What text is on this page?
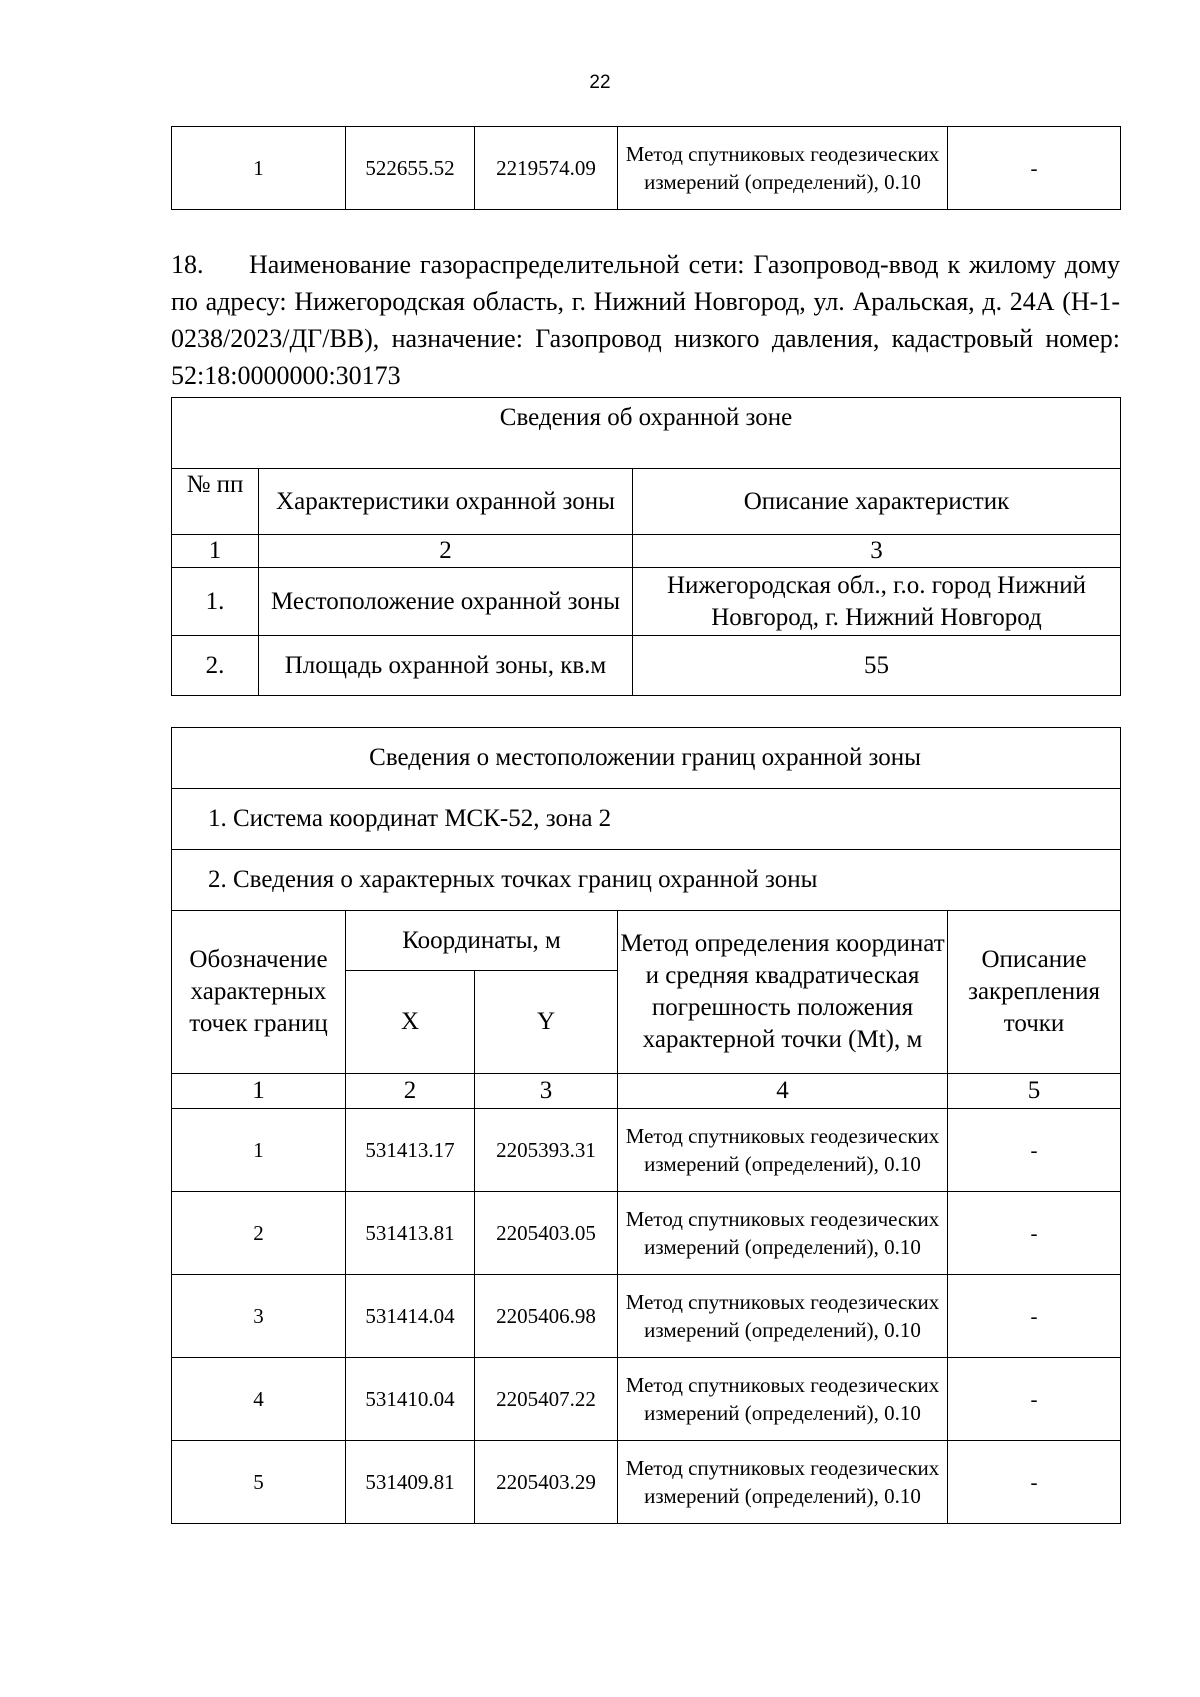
22
1	522655.52	2219574.09	Метод спутниковых геодезических измерений (определений), 0.10	-

18. Наименование газораспределительной сети: Газопровод-ввод к жилому дому по адресу: Нижегородская область, г. Нижний Новгород, ул. Аральская, д. 24А (Н-1-0238/2023/ДГ/ВВ), назначение: Газопровод низкого давления, кадастровый номер: 52:18:0000000:30173

Сведения об охранной зоне		
№ пп	Характеристики охранной зоны	Описание характеристик
1	2	3
1.	Местоположение охранной зоны	Нижегородская обл., г.о. город Нижний Новгород, г. Нижний Новгород
2.	Площадь охранной зоны, кв.м	55
Сведения о местоположении границ охранной зоны				
1. Система координат МСК-52, зона 2				
2. Сведения о характерных точках границ охранной зоны				
Обозначение характерных точек границ	Координаты, м		Метод определения координат и средняя квадратическая погрешность положения характерной точки (Mt), м	Описание закрепления точки
	X	Y		
1	2	3	4	5
1	531413.17	2205393.31	Метод спутниковых геодезических измерений (определений), 0.10	-
2	531413.81	2205403.05	Метод спутниковых геодезических измерений (определений), 0.10	-
3	531414.04	2205406.98	Метод спутниковых геодезических измерений (определений), 0.10	-
4	531410.04	2205407.22	Метод спутниковых геодезических измерений (определений), 0.10	-
5	531409.81	2205403.29	Метод спутниковых геодезических измерений (определений), 0.10	-
